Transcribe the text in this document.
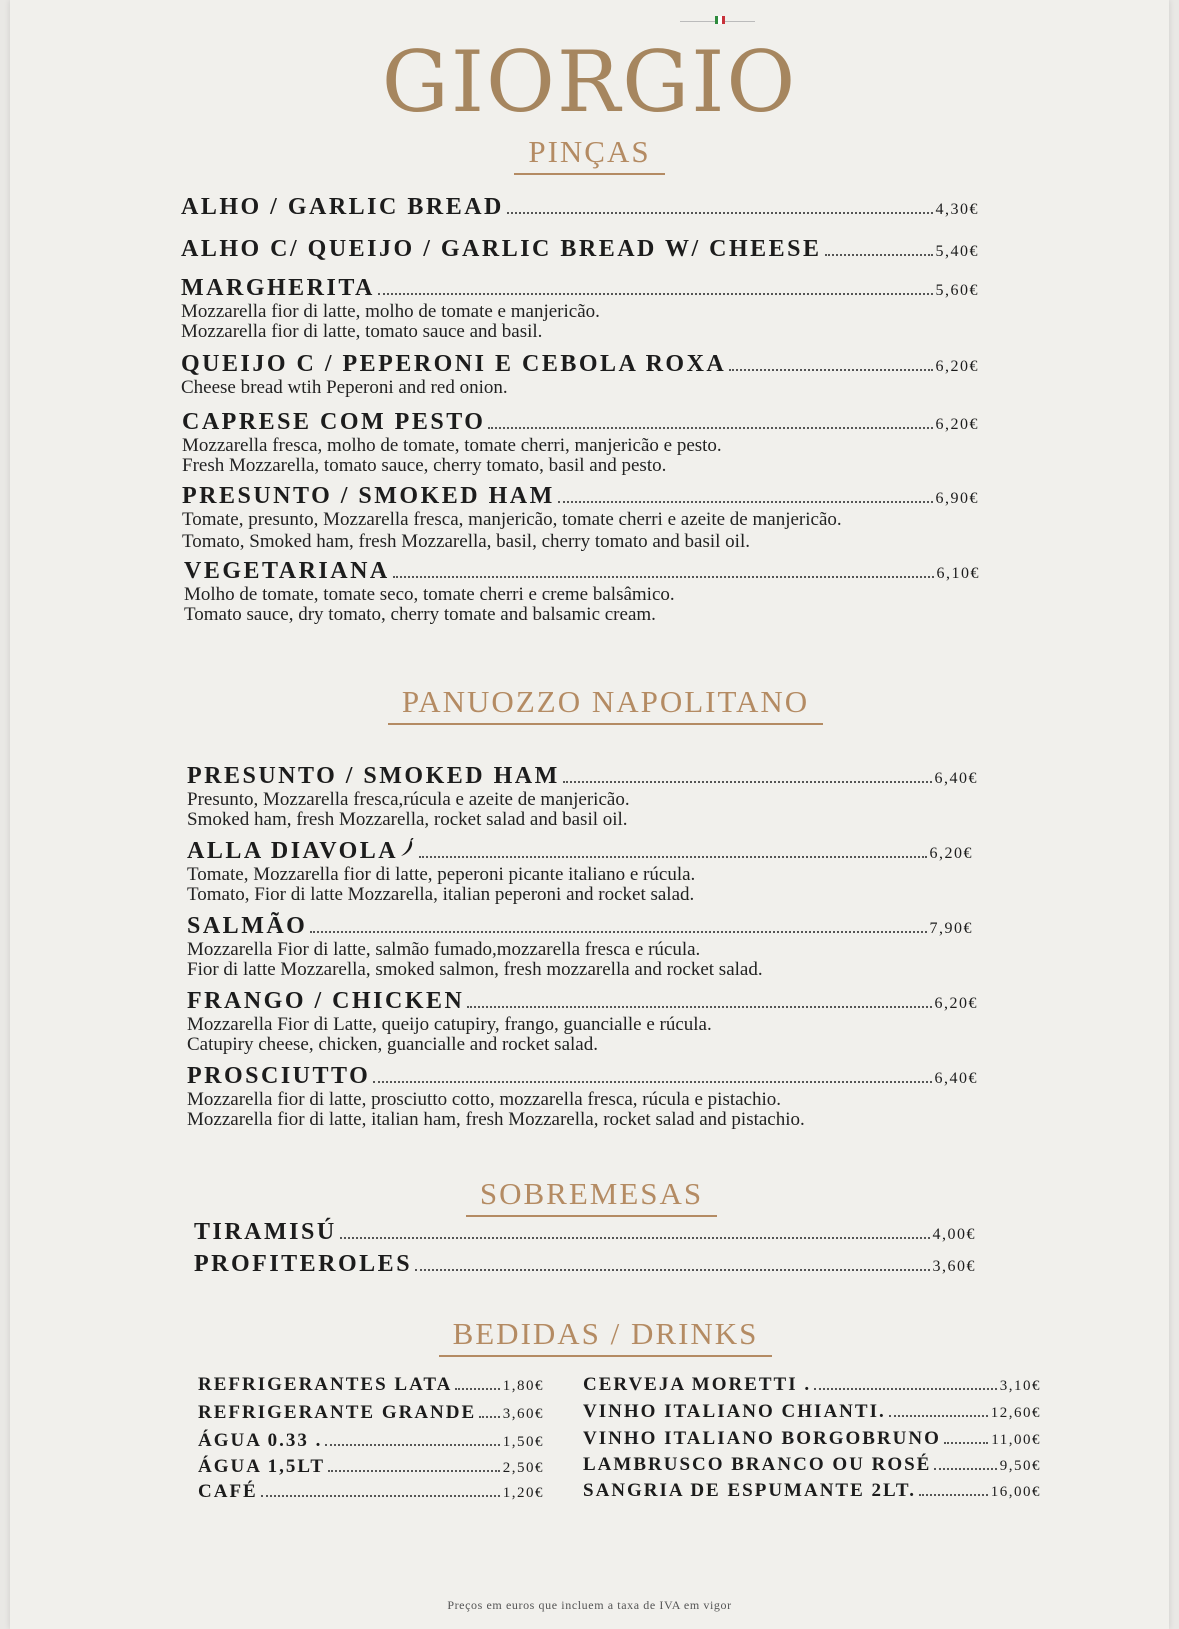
GIORGIO
PINÇAS
ALHO / GARLIC BREAD	4,30€
ALHO C/ QUEIJO / GARLIC BREAD W/ CHEESE	5,40€
MARGHERITA	5,60€
Mozzarella fior di latte, molho de tomate e manjericão.
Mozzarella fior di latte, tomato sauce and basil.
QUEIJO C / PEPERONI E CEBOLA ROXA	6,20€
Cheese bread wtih Peperoni and red onion.
CAPRESE COM PESTO	6,20€
Mozzarella fresca, molho de tomate, tomate cherri, manjericão e pesto.
Fresh Mozzarella, tomato sauce, cherry tomato, basil and pesto.
PRESUNTO / SMOKED HAM	6,90€
Tomate, presunto, Mozzarella fresca, manjericão, tomate cherri e azeite de manjericão.
Tomato, Smoked ham, fresh Mozzarella, basil, cherry tomato and basil oil.
VEGETARIANA	6,10€
Molho de tomate, tomate seco, tomate cherri e creme balsâmico.
Tomato sauce, dry tomato, cherry tomate and balsamic cream.
PANUOZZO NAPOLITANO
PRESUNTO / SMOKED HAM	6,40€
Presunto, Mozzarella fresca,rúcula e azeite de manjericão.
Smoked ham, fresh Mozzarella, rocket salad and basil oil.
ALLA DIAVOLA	6,20€
Tomate, Mozzarella fior di latte, peperoni picante italiano e rúcula.
Tomato, Fior di latte Mozzarella, italian peperoni and rocket salad.
SALMÃO	7,90€
Mozzarella Fior di latte, salmão fumado,mozzarella fresca e rúcula.
Fior di latte Mozzarella, smoked salmon, fresh mozzarella and rocket salad.
FRANGO / CHICKEN	6,20€
Mozzarella Fior di Latte, queijo catupiry, frango, guancialle e rúcula.
Catupiry cheese, chicken, guancialle and rocket salad.
PROSCIUTTO	6,40€
Mozzarella fior di latte, prosciutto cotto, mozzarella fresca, rúcula e pistachio.
Mozzarella fior di latte, italian ham, fresh Mozzarella, rocket salad and pistachio.
SOBREMESAS
TIRAMISÚ	4,00€
PROFITEROLES	3,60€
BEDIDAS / DRINKS
REFRIGERANTES LATA	1,80€
REFRIGERANTE GRANDE 3,60€
ÁGUA 0.33 .	1,50€
ÁGUA 1,5LT	2,50€
CAFÉ	1,20€
CERVEJA MORETTI .	3,10€
VINHO ITALIANO CHIANTI.	12,60€
VINHO ITALIANO BORGOBRUNO	11,00€
LAMBRUSCO BRANCO OU ROSÉ	9,50€
SANGRIA DE ESPUMANTE 2LT.	16,00€
Preços em euros que incluem a taxa de IVA em vigor
